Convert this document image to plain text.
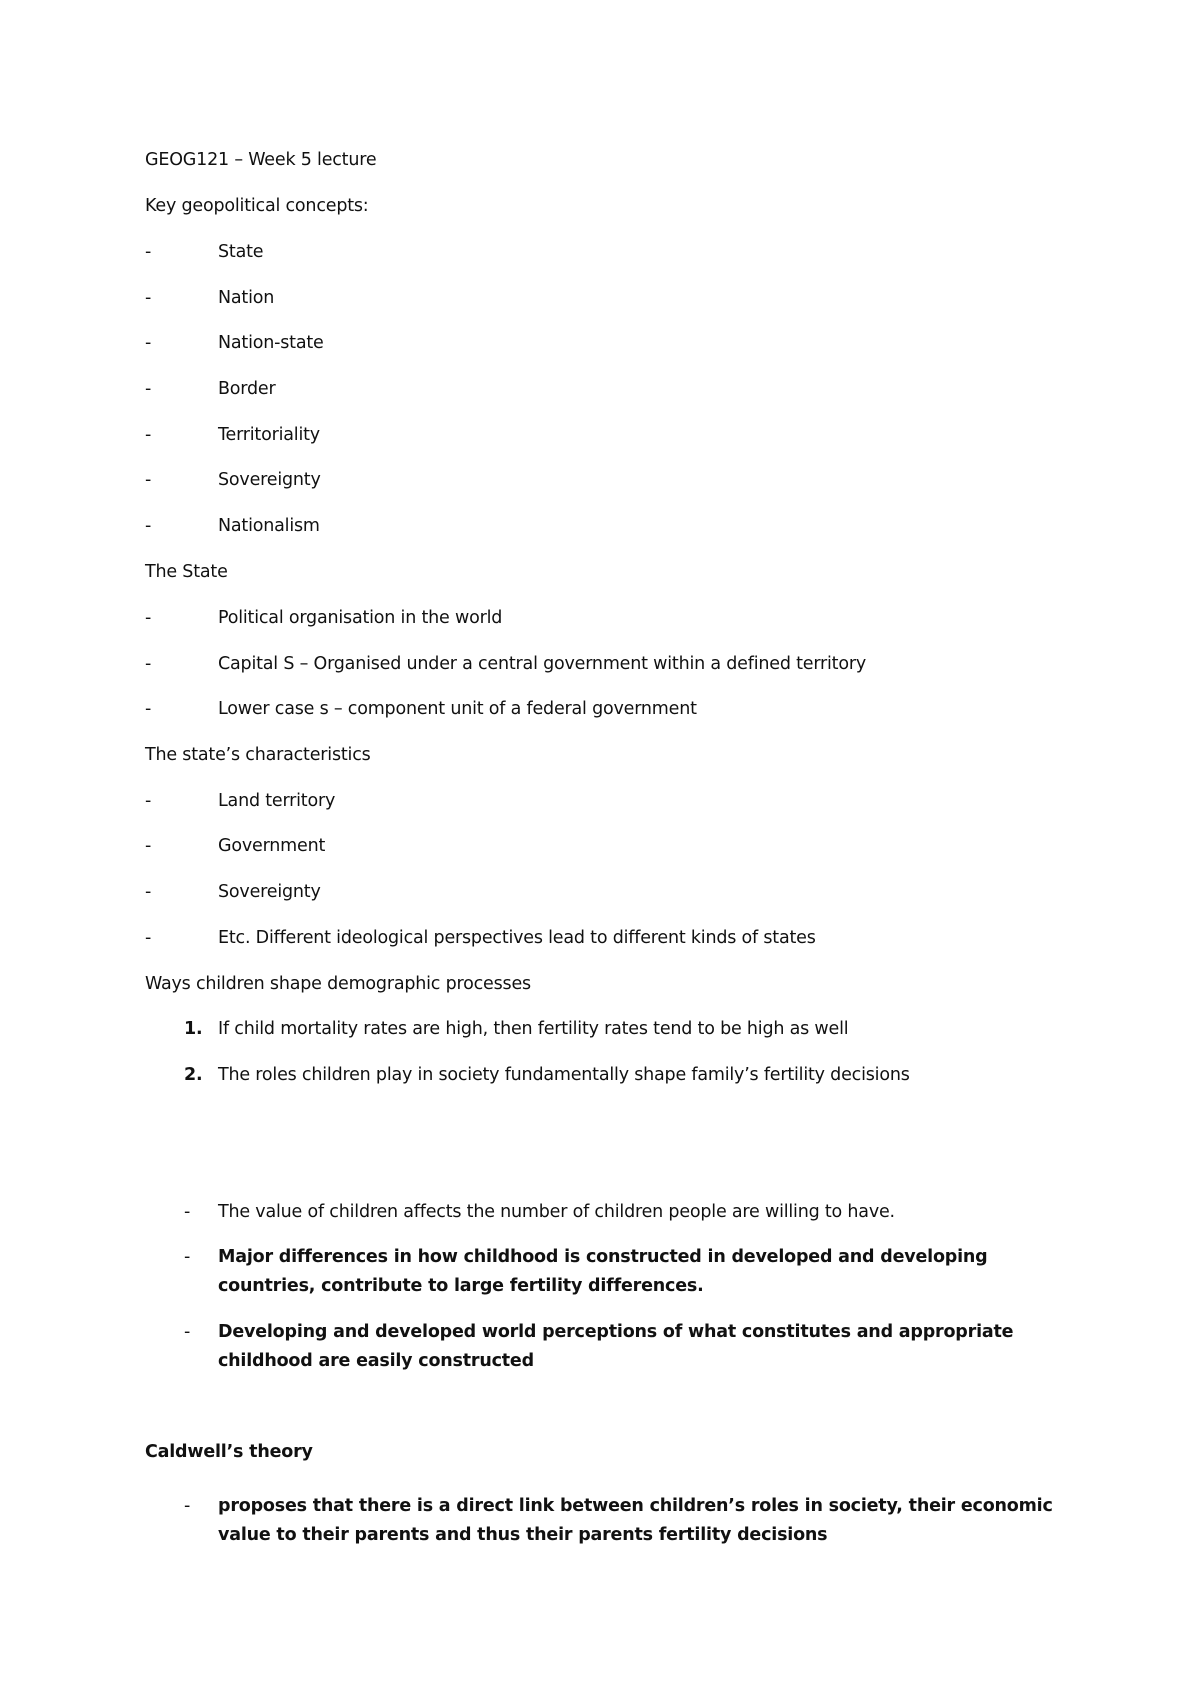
GEOG121 – Week 5 lecture
Key geopolitical concepts:
-	State
-	Nation
-	Nation-state
-	Border
-	Territoriality
-	Sovereignty
-	Nationalism
The State
-	Political organisation in the world
-	Capital S – Organised under a central government within a defined territory
-	Lower case s – component unit of a federal government
The state’s characteristics
-	Land territory
-	Government
-	Sovereignty
-	Etc. Different ideological perspectives lead to different kinds of states
Ways children shape demographic processes
1. If child mortality rates are high, then fertility rates tend to be high as well
2. The roles children play in society fundamentally shape family’s fertility decisions
- The value of children affects the number of children people are willing to have.
- Major differences in how childhood is constructed in developed and developing countries, contribute to large fertility differences.
- Developing and developed world perceptions of what constitutes and appropriate childhood are easily constructed
Caldwell’s theory
- proposes that there is a direct link between children’s roles in society, their economic value to their parents and thus their parents fertility decisions
